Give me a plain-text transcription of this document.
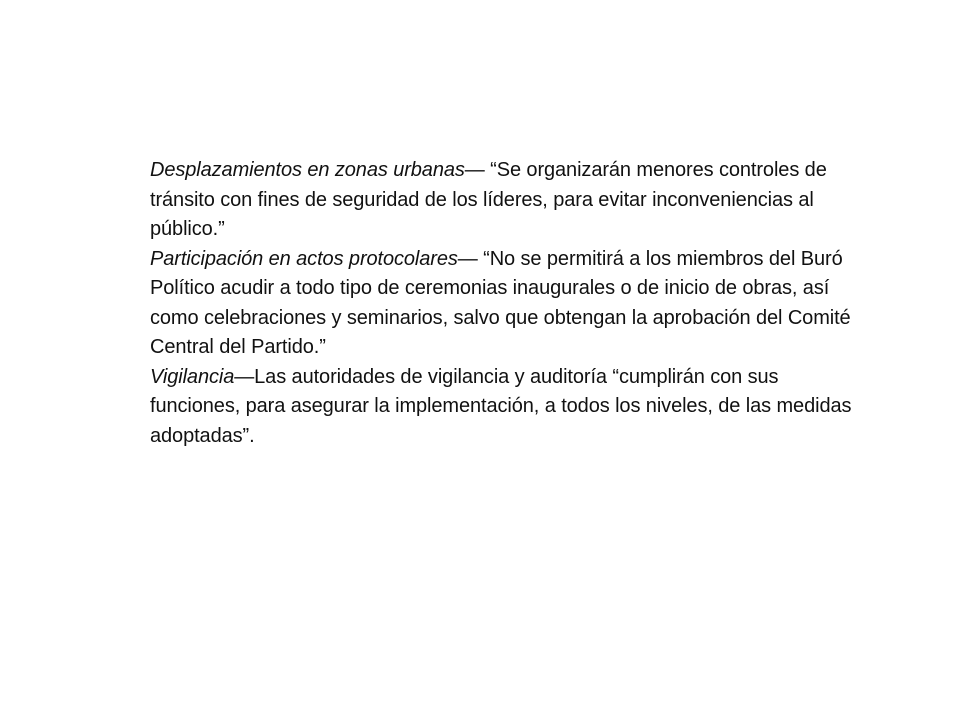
Desplazamientos en zonas urbanas— “Se organizarán menores controles de tránsito con fines de seguridad de los líderes, para evitar inconveniencias al público.”

Participación en actos protocolares— “No se permitirá a los miembros del Buró Político acudir a todo tipo de ceremonias inaugurales o de inicio de obras, así como celebraciones y seminarios, salvo que obtengan la aprobación del Comité Central del Partido.”

Vigilancia—Las autoridades de vigilancia y auditoría “cumplirán con sus funciones, para asegurar la implementación, a todos los niveles, de las medidas adoptadas”.
